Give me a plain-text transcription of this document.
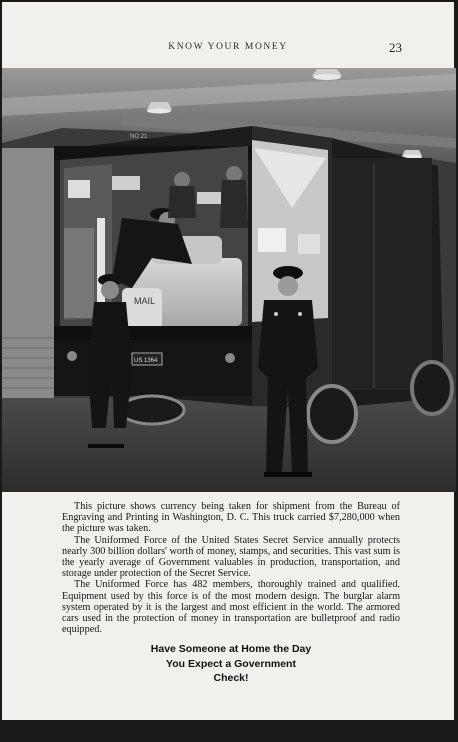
KNOW YOUR MONEY	23
NO 21
MAIL
US 1364

This picture shows currency being taken for shipment from the Bureau of Engraving and Printing in Washington, D. C. This truck carried $7,280,000 when the picture was taken.

The Uniformed Force of the United States Secret Service annually protects nearly 300 billion dollars' worth of money, stamps, and securities. This vast sum is the yearly average of Government valuables in production, transportation, and storage under protection of the Secret Service.

The Uniformed Force has 482 members, thoroughly trained and qualified. Equipment used by this force is of the most modern design. The burglar alarm system operated by it is the largest and most efficient in the world. The armored cars used in the protection of money in transportation are bulletproof and radio equipped.

Have Someone at Home the Day
You Expect a Government
Check!
